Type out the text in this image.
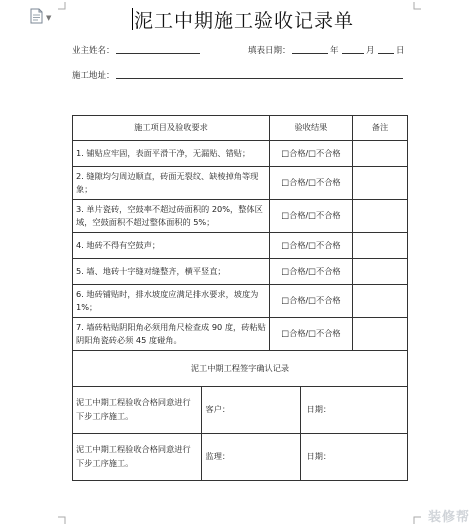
▼	泥工中期施工验收记录单
业主姓名：	填表日期：	年	月	日
施工地址：
施工项目及验收要求	验收结果	备注
1. 铺贴应牢固，表面平滑干净，无漏贴、错贴；	□合格/□不合格	
2. 缝隙均匀周边顺直，砖面无裂纹、缺棱掉角等现象；	□合格/□不合格	
3. 单片瓷砖，空鼓率不超过砖面积的 20%，整体区域，空鼓面积不超过整体面积的 5%；	□合格/□不合格	
4. 地砖不得有空鼓声；	□合格/□不合格	
5. 墙、地砖十字缝对缝整齐，横平竖直；	□合格/□不合格	
6. 地砖铺贴时，排水坡度应满足排水要求，坡度为 1%；	□合格/□不合格	
7. 墙砖粘贴阴阳角必须用角尺检查成 90 度，砖粘贴阴阳角瓷砖必须 45 度碰角。	□合格/□不合格	
泥工中期工程签字确认记录

泥工中期工程验收合格同意进行下步工序施工。	客户：	日期：

泥工中期工程验收合格同意进行下步工序施工。	监理：	日期：
装修帮
